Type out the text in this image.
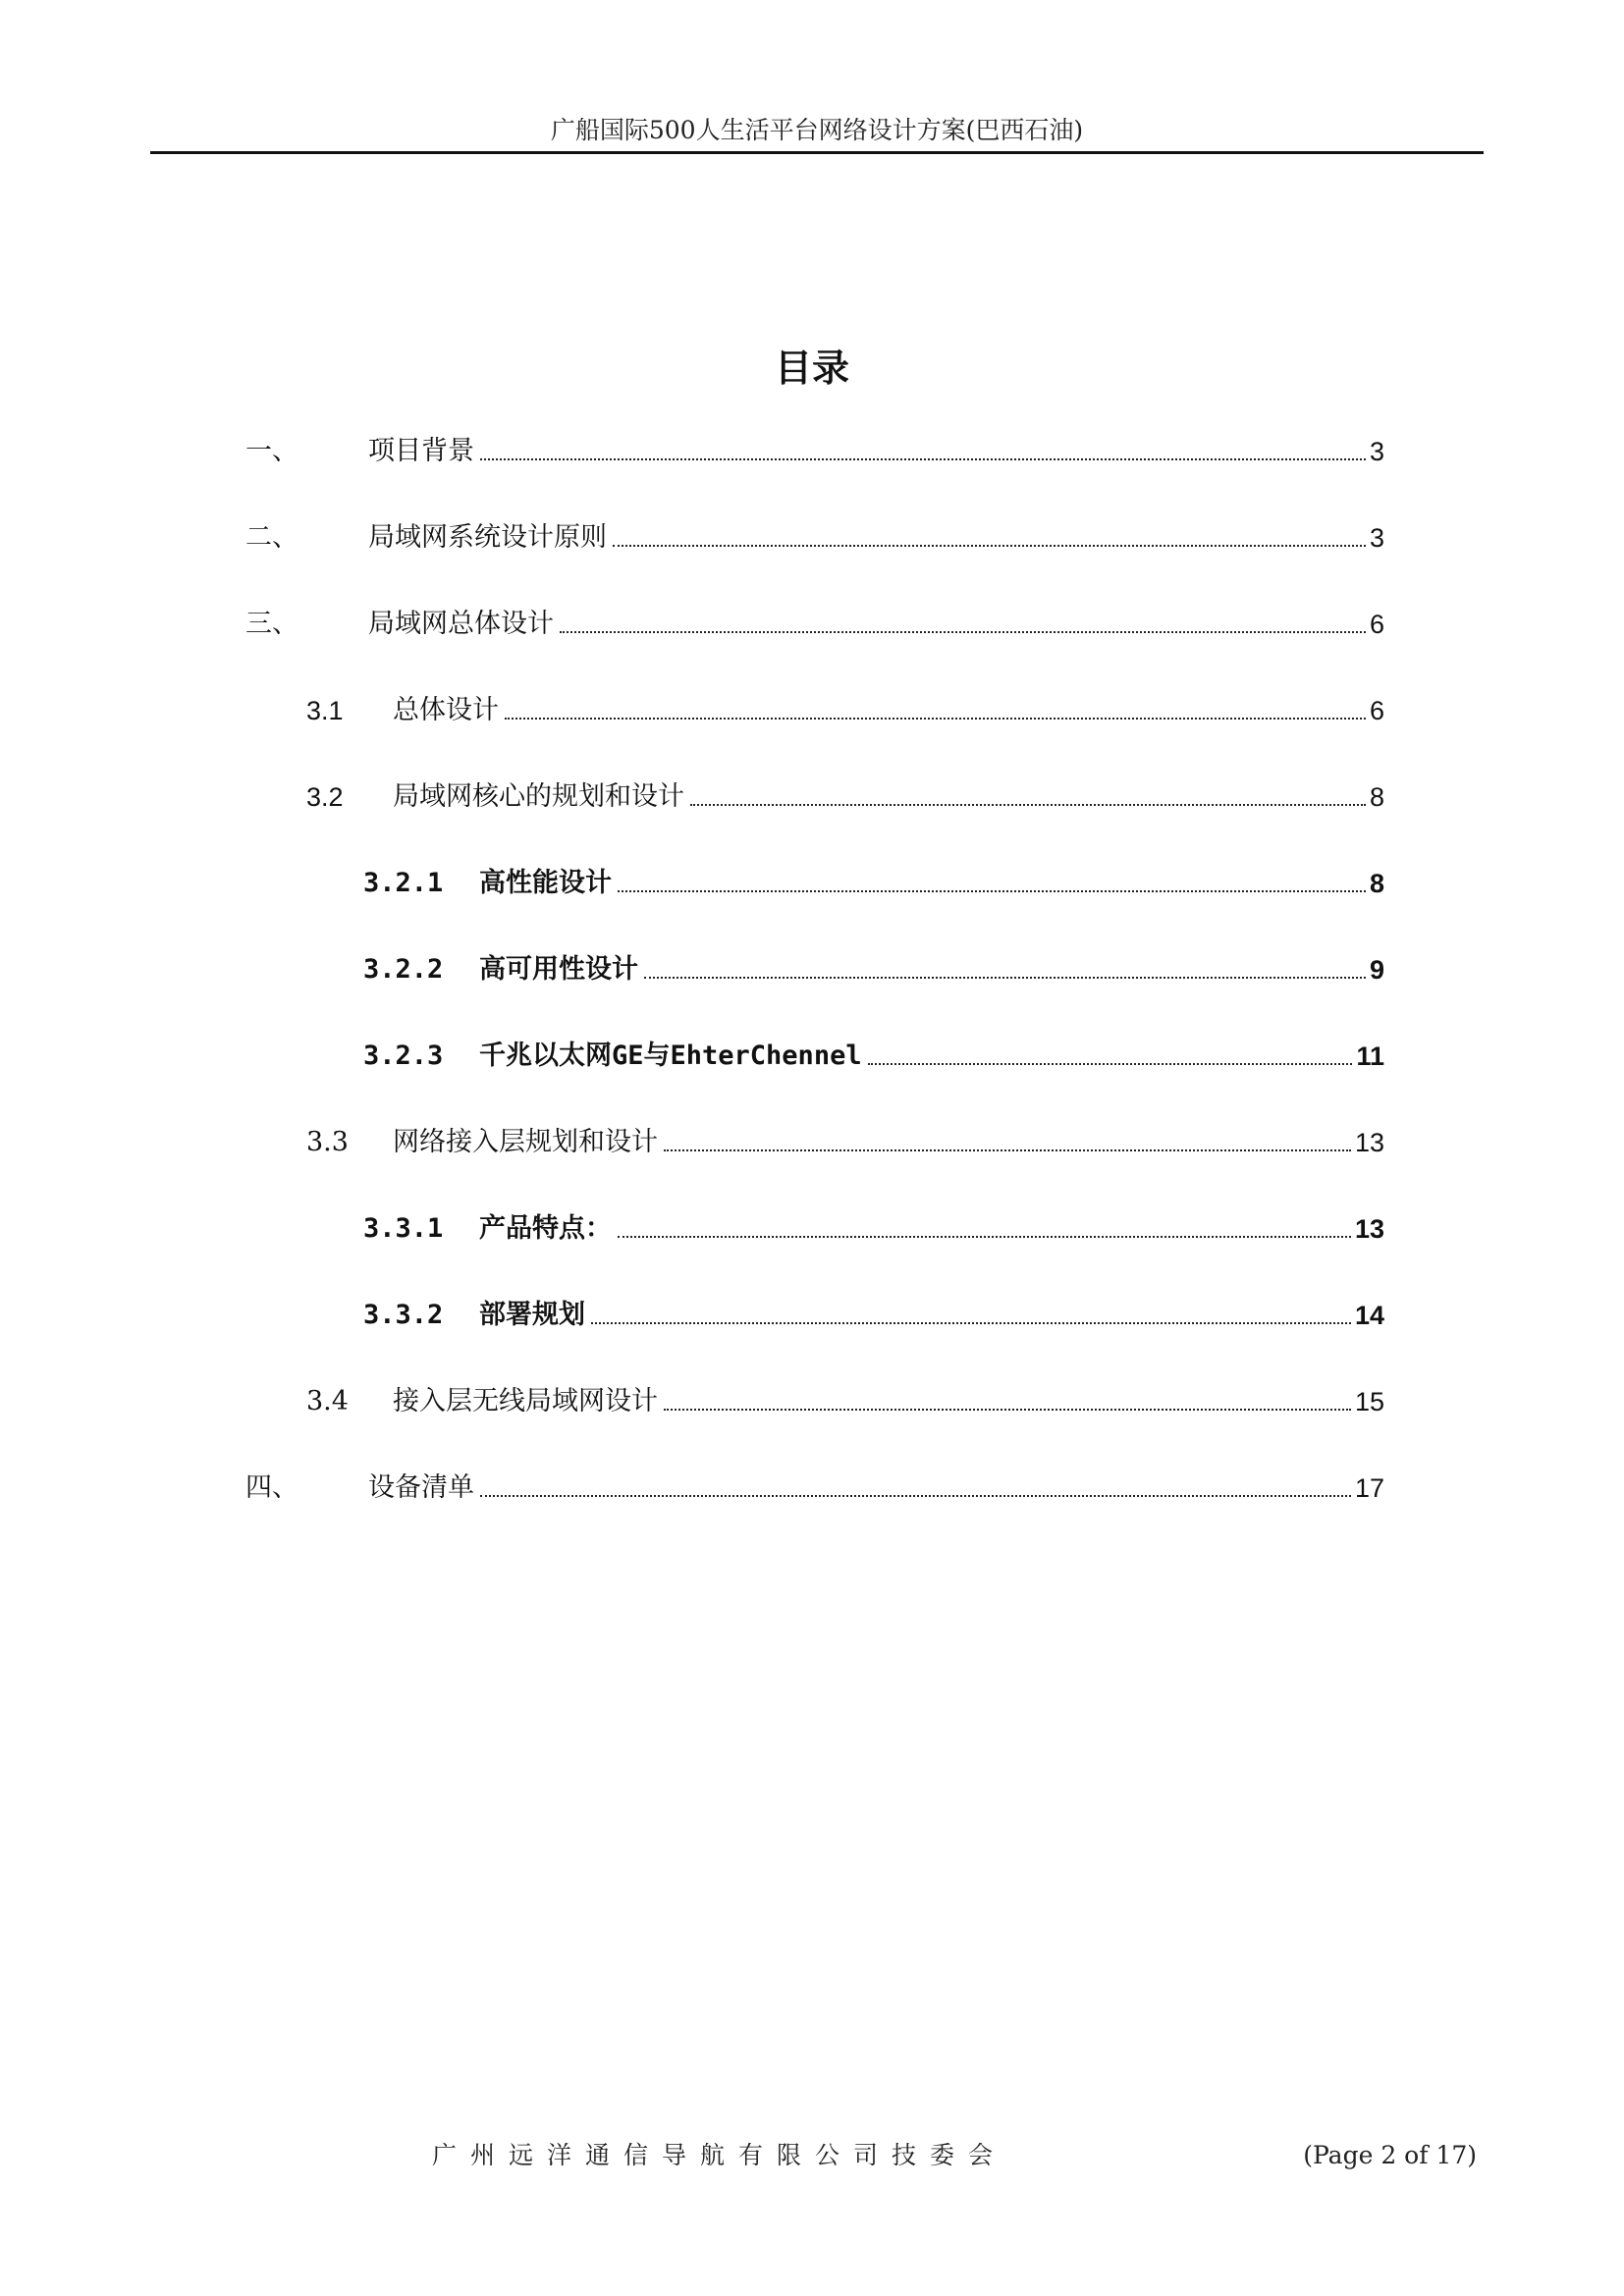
广船国际500人生活平台网络设计方案(巴西石油)
目录
一、	项目背景	3
二、	局域网系统设计原则	3
三、	局域网总体设计	6
3.1	总体设计	6
3.2	局域网核心的规划和设计	8
3.2.1	高性能设计	8
3.2.2	高可用性设计	9
3.2.3	千兆以太网GE与EhterChennel	11
3.3	网络接入层规划和设计	13
3.3.1	产品特点：	13
3.3.2	部署规划	14
3.4	接入层无线局域网设计	15
四、	设备清单	17
广州远洋通信导航有限公司技委会	(Page 2 of 17)
